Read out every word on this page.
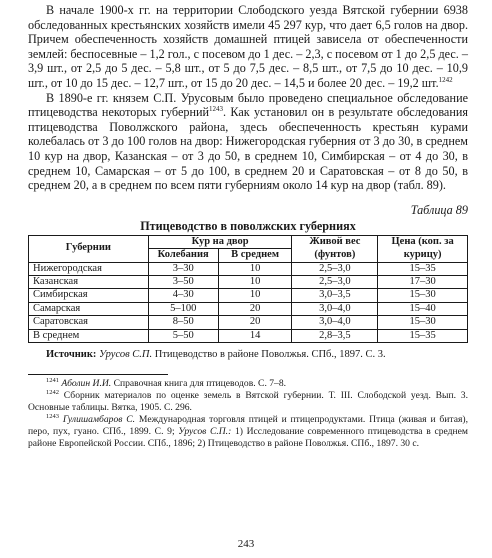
В начале 1900-х гг. на территории Слободского уезда Вятской губернии 6938 обследованных крестьянских хозяйств имели 45 297 кур, что дает 6,5 голов на двор. Причем обеспеченность хозяйств домашней птицей зависела от обеспеченности землей: беспосевные – 1,2 гол., с посевом до 1 дес. – 2,3, с посевом от 1 до 2,5 дес. – 3,9 шт., от 2,5 до 5 дес. – 5,8 шт., от 5 до 7,5 дес. – 8,5 шт., от 7,5 до 10 дес. – 10,9 шт., от 10 до 15 дес. – 12,7 шт., от 15 до 20 дес. – 14,5 и более 20 дес. – 19,2 шт.$^{1242}$

В 1890-е гг. князем С.П. Урусовым было проведено специальное обследование птицеводства некоторых губерний$^{1243}$. Как установил он в результате обследования птицеводства Поволжского района, здесь обеспеченность крестьян курами колебалась от 3 до 100 голов на двор: Нижегородская губерния от 3 до 30, в среднем 10 кур на двор, Казанская – от 3 до 50, в среднем 10, Симбирская – от 4 до 30, в среднем 10, Самарская – от 5 до 100, в среднем 20 и Саратовская – от 8 до 50, в среднем 20, а в среднем по всем пяти губерниям около 14 кур на двор (табл. 89).

Таблица 89

Птицеводство в поволжских губерниях

Губернии	Кур на двор		Живой вес (фунтов)	Цена (коп. за курицу)
	Колебания	В среднем		
Нижегородская	3–30	10	2,5–3,0	15–35
Казанская	3–50	10	2,5–3,0	17–30
Симбирская	4–30	10	3,0–3,5	15–30
Самарская	5–100	20	3,0–4,0	15–40
Саратовская	8–50	20	3,0–4,0	15–30
В среднем	5–50	14	2,8–3,5	15–35

Источник: Урусов С.П. Птицеводство в районе Поволжья. СПб., 1897. С. 3.

$^{1241}$ Аболин И.И. Справочная книга для птицеводов. С. 7–8.

$^{1242}$ Сборник материалов по оценке земель в Вятской губернии. Т. III. Слободской уезд. Вып. 3. Основные таблицы. Вятка, 1905. С. 296.

$^{1243}$ Гулишамбаров С. Международная торговля птицей и птицепродуктами. Птица (живая и битая), перо, пух, гуано. СПб., 1899. С. 9; Урусов С.П.: 1) Исследование современного птицеводства в среднем районе Европейской России. СПб., 1896; 2) Птицеводство в районе Поволжья. СПб., 1897. 30 с.

243
